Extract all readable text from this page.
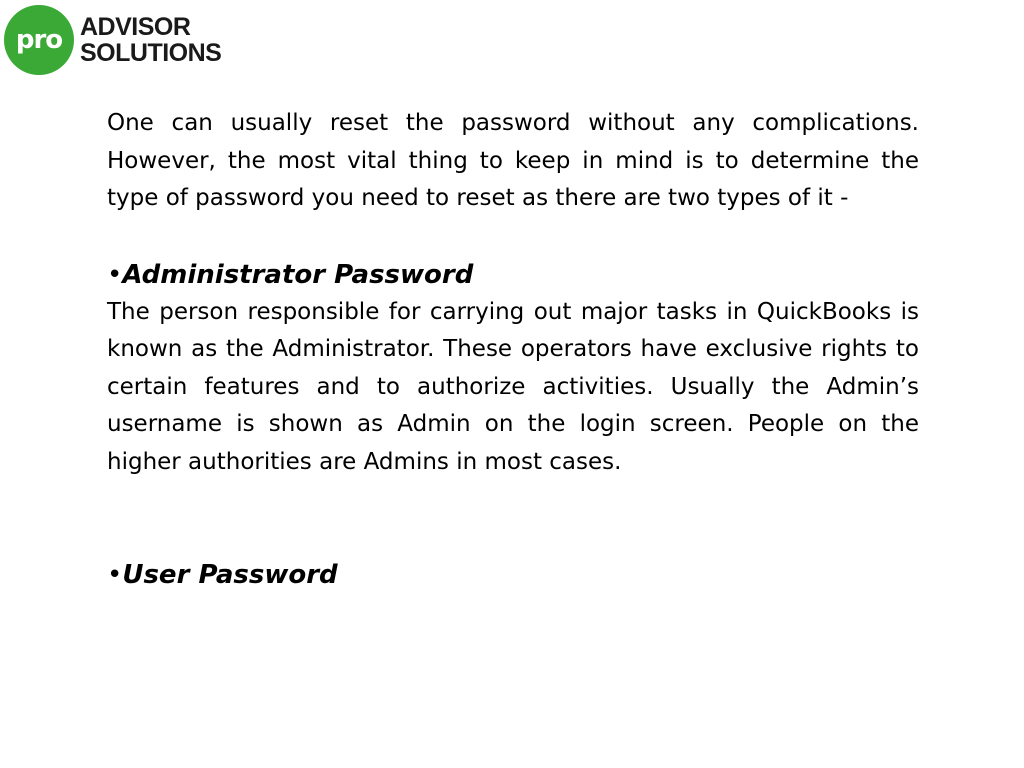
pro ADVISOR
SOLUTIONS

One can usually reset the password without any complications. However, the most vital thing to keep in mind is to determine the type of password you need to reset as there are two types of it -

•Administrator Password

The person responsible for carrying out major tasks in QuickBooks is known as the Administrator. These operators have exclusive rights to certain features and to authorize activities. Usually the Admin’s username is shown as Admin on the login screen. People on the higher authorities are Admins in most cases.

•User Password
